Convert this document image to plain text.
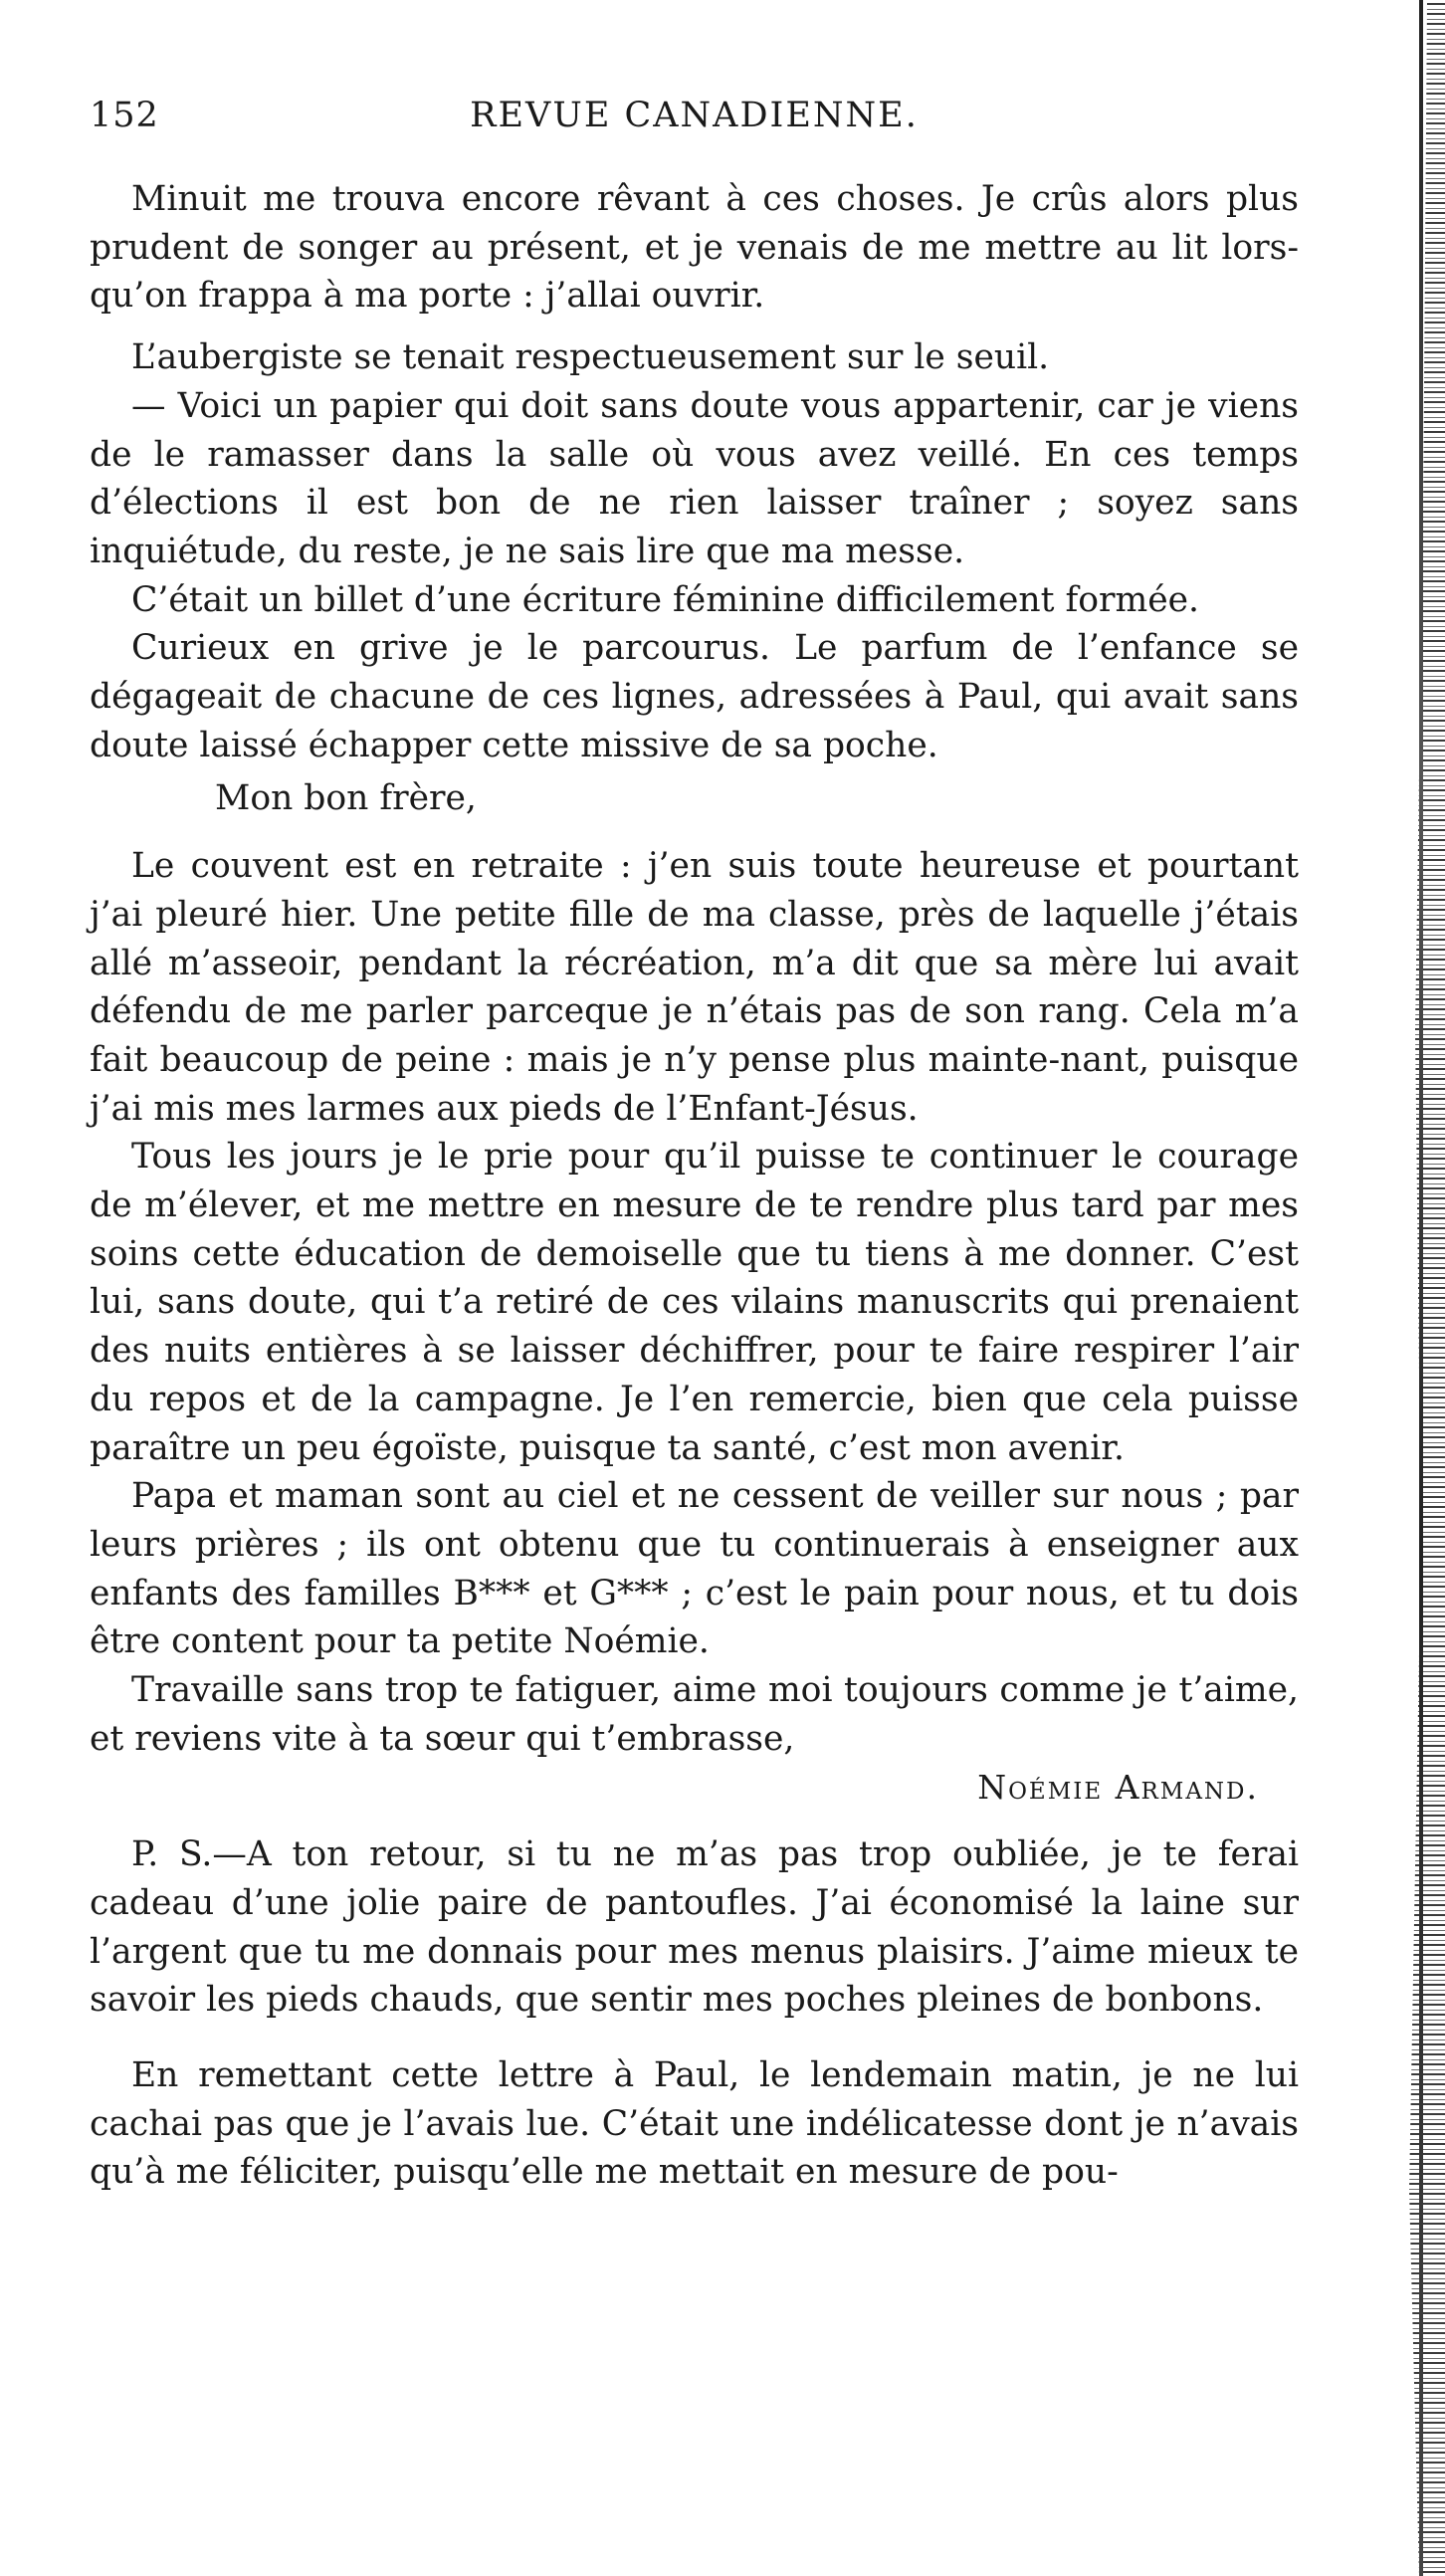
152	REVUE CANADIENNE.

Minuit me trouva encore rêvant à ces choses. Je crûs alors plus prudent de songer au présent, et je venais de me mettre au lit lors-qu’on frappa à ma porte : j’allai ouvrir.

L’aubergiste se tenait respectueusement sur le seuil.

— Voici un papier qui doit sans doute vous appartenir, car je viens de le ramasser dans la salle où vous avez veillé. En ces temps d’élections il est bon de ne rien laisser traîner ; soyez sans inquiétude, du reste, je ne sais lire que ma messe.

C’était un billet d’une écriture féminine difficilement formée.

Curieux en grive je le parcourus. Le parfum de l’enfance se dégageait de chacune de ces lignes, adressées à Paul, qui avait sans doute laissé échapper cette missive de sa poche.

Mon bon frère,

Le couvent est en retraite : j’en suis toute heureuse et pourtant j’ai pleuré hier. Une petite fille de ma classe, près de laquelle j’étais allé m’asseoir, pendant la récréation, m’a dit que sa mère lui avait défendu de me parler parceque je n’étais pas de son rang. Cela m’a fait beaucoup de peine : mais je n’y pense plus mainte-nant, puisque j’ai mis mes larmes aux pieds de l’Enfant-Jésus.

Tous les jours je le prie pour qu’il puisse te continuer le courage de m’élever, et me mettre en mesure de te rendre plus tard par mes soins cette éducation de demoiselle que tu tiens à me donner. C’est lui, sans doute, qui t’a retiré de ces vilains manuscrits qui prenaient des nuits entières à se laisser déchiffrer, pour te faire respirer l’air du repos et de la campagne. Je l’en remercie, bien que cela puisse paraître un peu égoïste, puisque ta santé, c’est mon avenir.

Papa et maman sont au ciel et ne cessent de veiller sur nous ; par leurs prières ; ils ont obtenu que tu continuerais à enseigner aux enfants des familles B*** et G*** ; c’est le pain pour nous, et tu dois être content pour ta petite Noémie.

Travaille sans trop te fatiguer, aime moi toujours comme je t’aime, et reviens vite à ta sœur qui t’embrasse,

Noémie Armand.

P. S.—A ton retour, si tu ne m’as pas trop oubliée, je te ferai cadeau d’une jolie paire de pantoufles. J’ai économisé la laine sur l’argent que tu me donnais pour mes menus plaisirs. J’aime mieux te savoir les pieds chauds, que sentir mes poches pleines de bonbons.

En remettant cette lettre à Paul, le lendemain matin, je ne lui cachai pas que je l’avais lue. C’était une indélicatesse dont je n’avais qu’à me féliciter, puisqu’elle me mettait en mesure de pou-
